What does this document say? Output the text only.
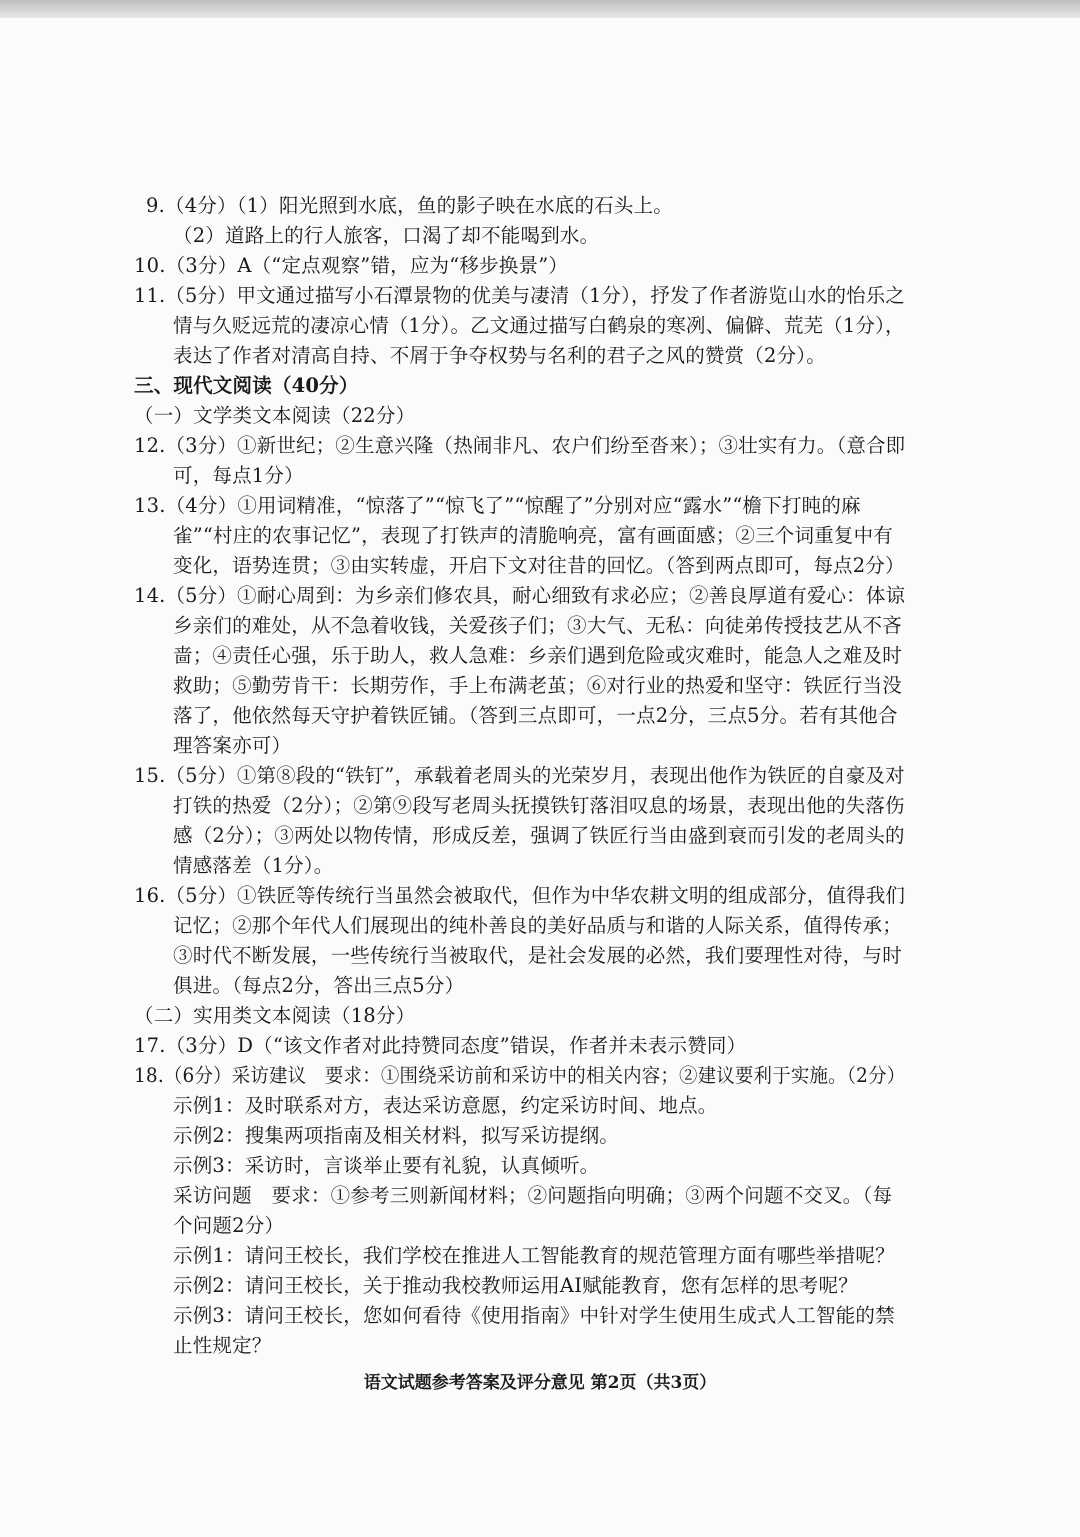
9.（4分）（1）阳光照到水底，鱼的影子映在水底的石头上。
（2）道路上的行人旅客，口渴了却不能喝到水。
10.（3分）A（“定点观察”错，应为“移步换景”）
11.（5分）甲文通过描写小石潭景物的优美与凄清（1分），抒发了作者游览山水的怡乐之
情与久贬远荒的凄凉心情（1分）。乙文通过描写白鹤泉的寒冽、偏僻、荒芜（1分），
表达了作者对清高自持、不屑于争夺权势与名利的君子之风的赞赏（2分）。
三、现代文阅读（40分）
（一）文学类文本阅读（22分）
12.（3分）①新世纪；②生意兴隆（热闹非凡、农户们纷至沓来）；③壮实有力。（意合即
可，每点1分）
13.（4分）①用词精准，“惊落了”“惊飞了”“惊醒了”分别对应“露水”“檐下打盹的麻
雀”“村庄的农事记忆”，表现了打铁声的清脆响亮，富有画面感；②三个词重复中有
变化，语势连贯；③由实转虚，开启下文对往昔的回忆。（答到两点即可，每点2分）
14.（5分）①耐心周到：为乡亲们修农具，耐心细致有求必应；②善良厚道有爱心：体谅
乡亲们的难处，从不急着收钱，关爱孩子们；③大气、无私：向徒弟传授技艺从不吝
啬；④责任心强，乐于助人，救人急难：乡亲们遇到危险或灾难时，能急人之难及时
救助；⑤勤劳肯干：长期劳作，手上布满老茧；⑥对行业的热爱和坚守：铁匠行当没
落了，他依然每天守护着铁匠铺。（答到三点即可，一点2分，三点5分。若有其他合
理答案亦可）
15.（5分）①第⑧段的“铁钉”，承载着老周头的光荣岁月，表现出他作为铁匠的自豪及对
打铁的热爱（2分）；②第⑨段写老周头抚摸铁钉落泪叹息的场景，表现出他的失落伤
感（2分）；③两处以物传情，形成反差，强调了铁匠行当由盛到衰而引发的老周头的
情感落差（1分）。
16.（5分）①铁匠等传统行当虽然会被取代，但作为中华农耕文明的组成部分，值得我们
记忆；②那个年代人们展现出的纯朴善良的美好品质与和谐的人际关系，值得传承；
③时代不断发展，一些传统行当被取代，是社会发展的必然，我们要理性对待，与时
俱进。（每点2分，答出三点5分）
（二）实用类文本阅读（18分）
17.（3分）D（“该文作者对此持赞同态度”错误，作者并未表示赞同）
18.（6分）采访建议　要求：①围绕采访前和采访中的相关内容；②建议要利于实施。（2分）
示例1：及时联系对方，表达采访意愿，约定采访时间、地点。
示例2：搜集两项指南及相关材料，拟写采访提纲。
示例3：采访时，言谈举止要有礼貌，认真倾听。
采访问题　要求：①参考三则新闻材料；②问题指向明确；③两个问题不交叉。（每
个问题2分）
示例1：请问王校长，我们学校在推进人工智能教育的规范管理方面有哪些举措呢？
示例2：请问王校长，关于推动我校教师运用AI赋能教育，您有怎样的思考呢？
示例3：请问王校长，您如何看待《使用指南》中针对学生使用生成式人工智能的禁
止性规定？
语文试题参考答案及评分意见 第2页（共3页）
